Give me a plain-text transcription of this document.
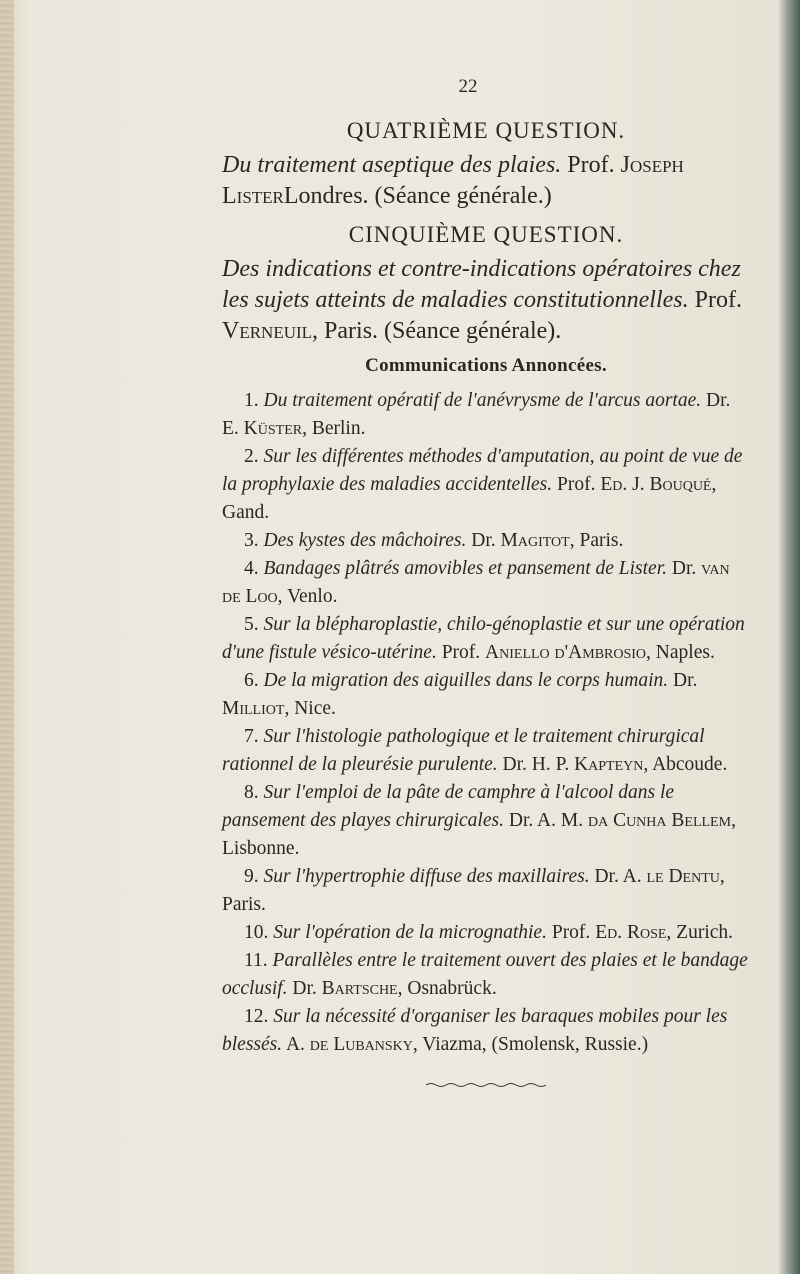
22
QUATRIÈME QUESTION.

Du traitement aseptique des plaies. Prof. Joseph ListerLondres. (Séance générale.)

CINQUIÈME QUESTION.

Des indications et contre-indications opératoires chez les sujets atteints de maladies constitutionnelles. Prof. Verneuil, Paris. (Séance générale).

Communications Annoncées.

1. Du traitement opératif de l'anévrysme de l'arcus aortae. Dr. E. Küster, Berlin.

2. Sur les différentes méthodes d'amputation, au point de vue de la prophylaxie des maladies accidentelles. Prof. Ed. J. Bouqué, Gand.

3. Des kystes des mâchoires. Dr. Magitot, Paris.

4. Bandages plâtrés amovibles et pansement de Lister. Dr. van de Loo, Venlo.

5. Sur la blépharoplastie, chilo-génoplastie et sur une opération d'une fistule vésico-utérine. Prof. Aniello d'Ambrosio, Naples.

6. De la migration des aiguilles dans le corps humain. Dr. Milliot, Nice.

7. Sur l'histologie pathologique et le traitement chirurgical rationnel de la pleurésie purulente. Dr. H. P. Kapteyn, Abcoude.

8. Sur l'emploi de la pâte de camphre à l'alcool dans le pansement des playes chirurgicales. Dr. A. M. da Cunha Bellem, Lisbonne.

9. Sur l'hypertrophie diffuse des maxillaires. Dr. A. le Dentu, Paris.

10. Sur l'opération de la micrognathie. Prof. Ed. Rose, Zurich.

11. Parallèles entre le traitement ouvert des plaies et le bandage occlusif. Dr. Bartsche, Osnabrück.

12. Sur la nécessité d'organiser les baraques mobiles pour les blessés. A. de Lubansky, Viazma, (Smolensk, Russie.)
